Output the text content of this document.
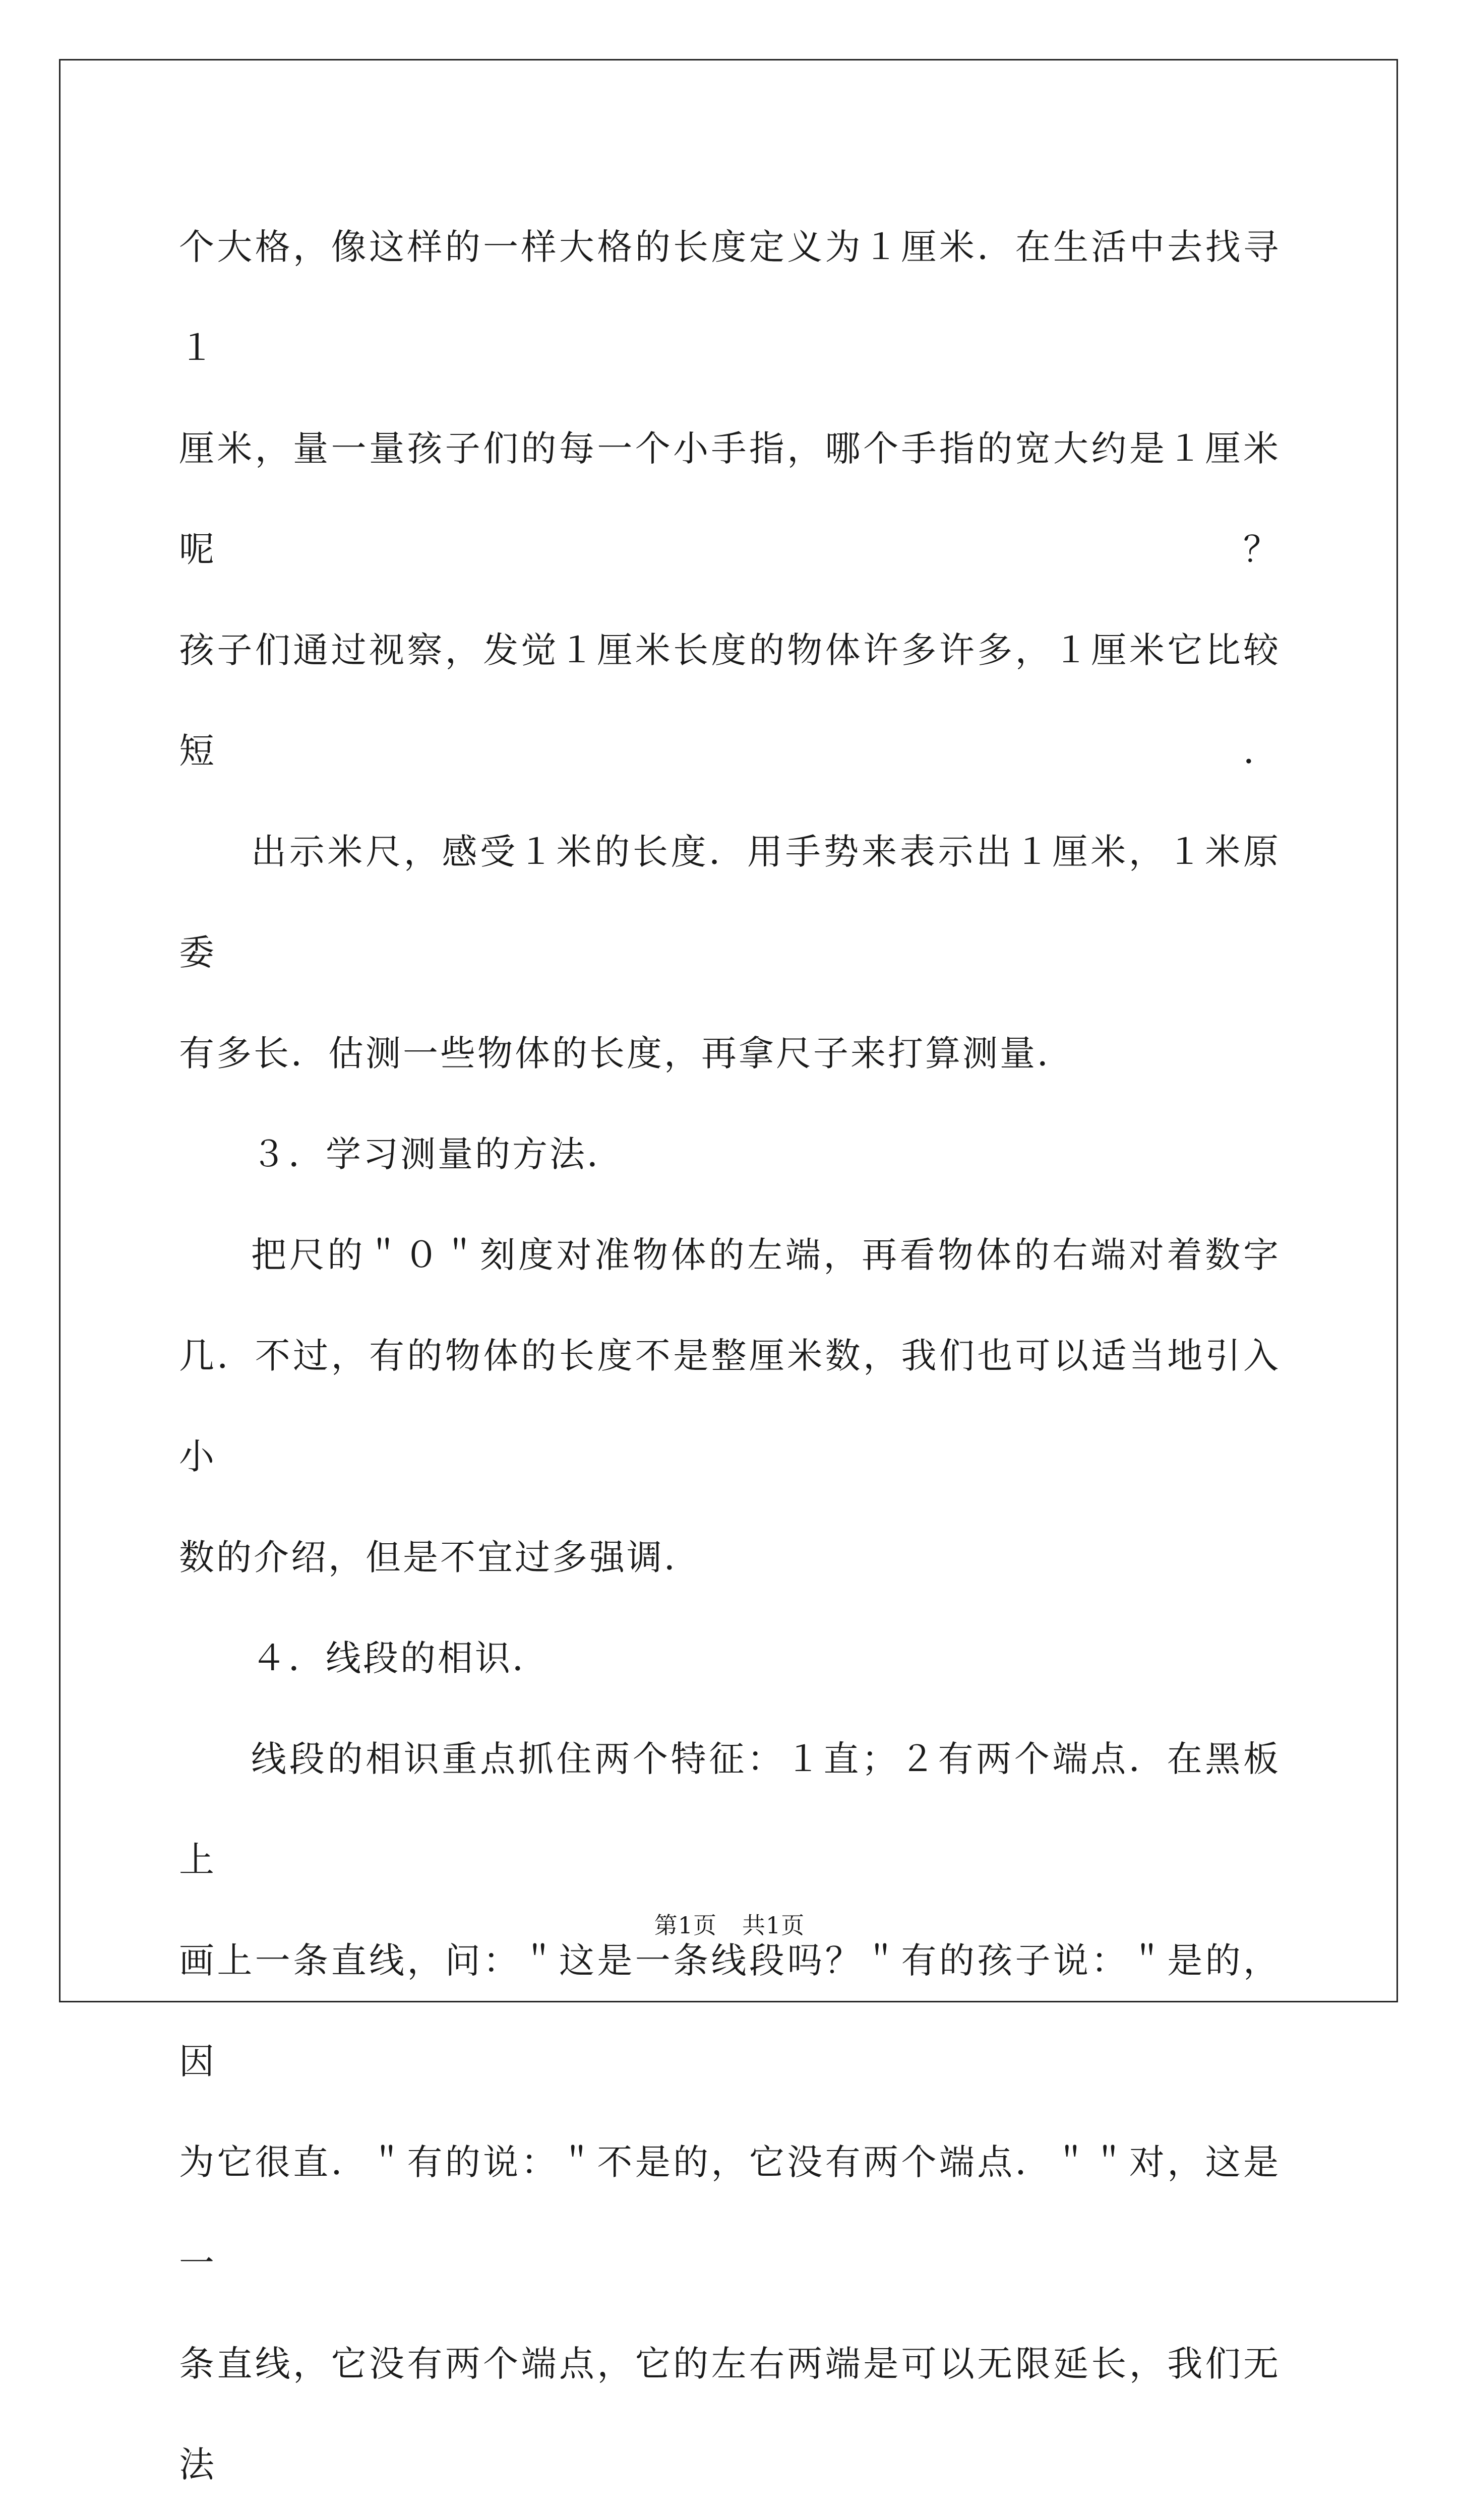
个大格，像这样的一样大格的长度定义为１厘米．在生活中去找寻１

厘米，量一量孩子们的每一个小手指，哪个手指的宽大约是１厘米呢？

孩子们通过视察，发觉１厘米长度的物体许多许多，１厘米它比较短．

出示米尺，感受１米的长度．用手势来表示出１厘米，１米原委

有多长．估测一些物体的长度，再拿尺子来打算测量．

３．学习测量的方法．

把尺的＂０＂刻度对准物体的左端，再看物体的右端对着数字

几．不过，有的物体的长度不是整厘米数，我们也可以适当地引入小

数的介绍，但是不宜过多强调．

４．线段的相识．

线段的相识重点抓住两个特征：１直；２有两个端点．在黑板上

画上一条直线，问：＂这是一条线段吗？＂有的孩子说：＂是的，因

为它很直．＂有的说：＂不是的，它没有两个端点．＂＂对，这是一

条直线，它没有两个端点，它的左右两端是可以无限延长，我们无法

第1页 共1页
